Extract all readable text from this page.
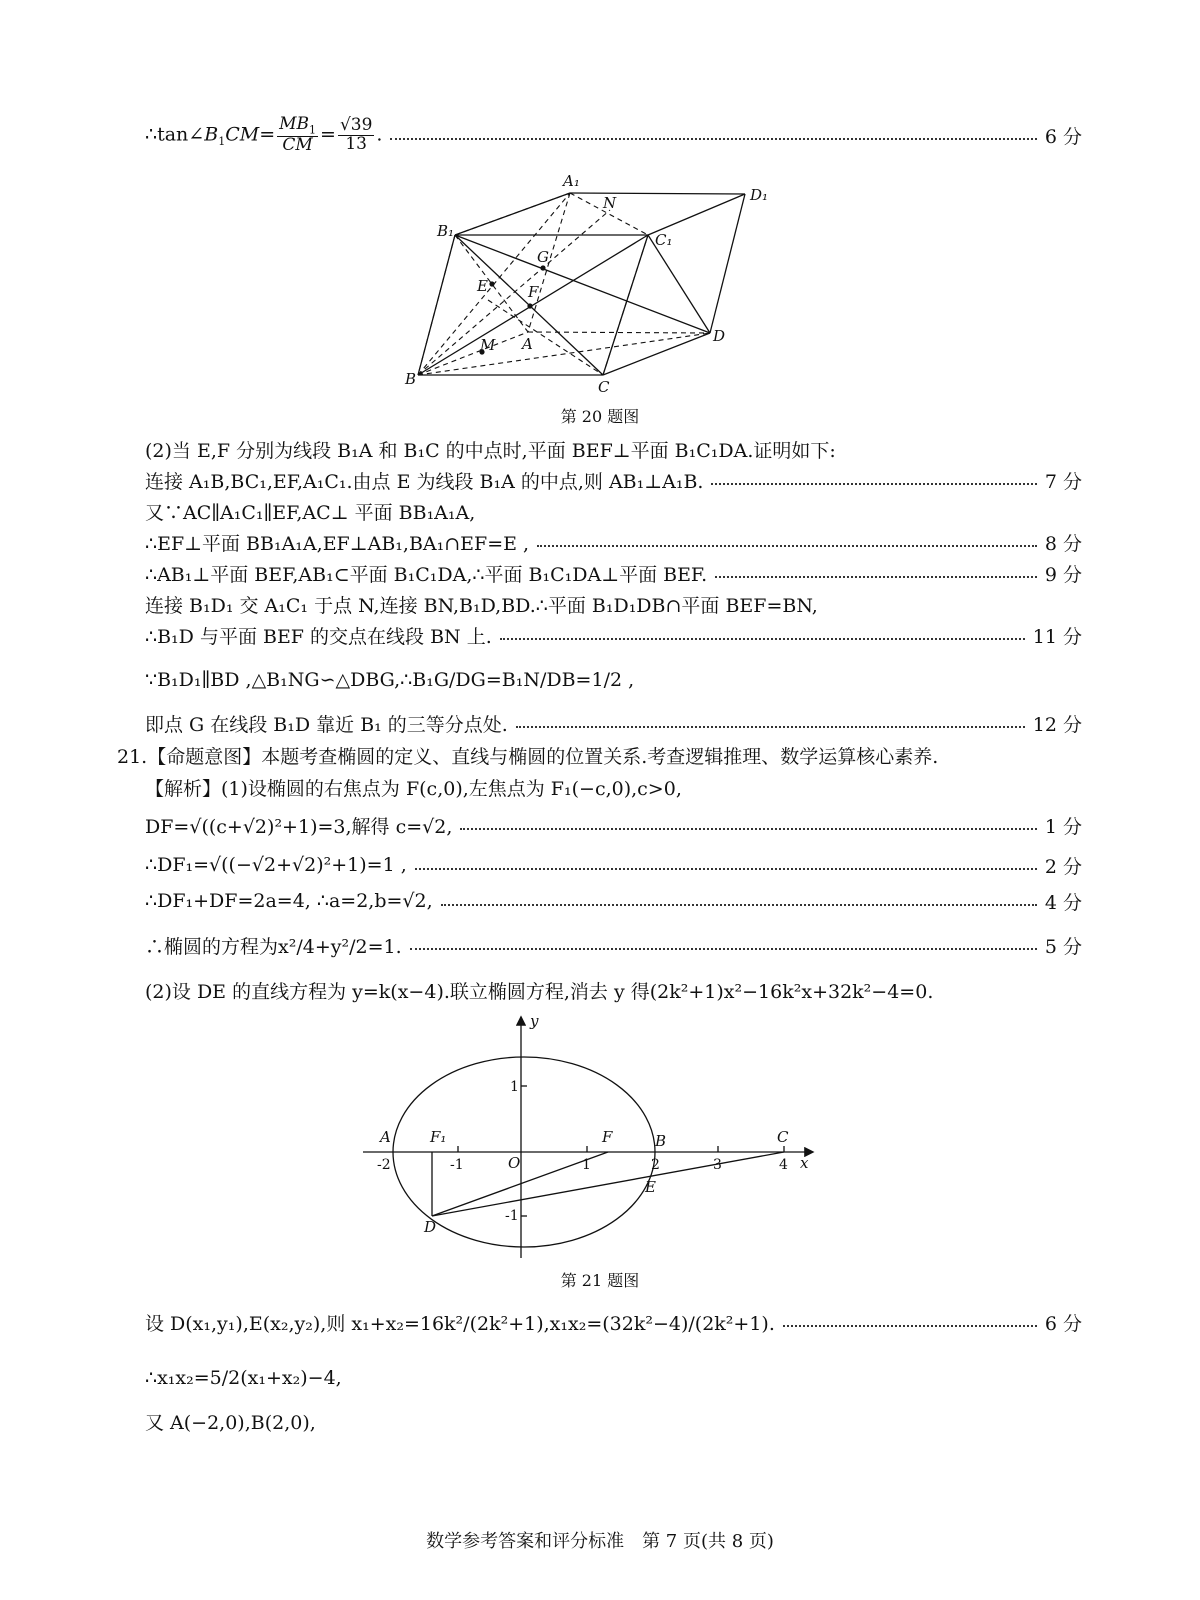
$\therefore\tan\angle B_1CM= \frac{MB_1}{CM} = \frac{√39}{13}$ .	6 分
A₁
D₁
N
B₁	C₁
G
E	F
D
M A
B	C
第 20 题图
(2)当 E,F 分别为线段 B₁A 和 B₁C 的中点时,平面 BEF⊥平面 B₁C₁DA.证明如下:
连接 A₁B,BC₁,EF,A₁C₁.由点 E 为线段 B₁A 的中点,则 AB₁⊥A₁B.	7 分
又∵AC∥A₁C₁∥EF,AC⊥ 平面 BB₁A₁A,
∴EF⊥平面 BB₁A₁A,EF⊥AB₁,BA₁∩EF=E ,	8 分
∴AB₁⊥平面 BEF,AB₁⊂平面 B₁C₁DA,∴平面 B₁C₁DA⊥平面 BEF.	9 分
连接 B₁D₁ 交 A₁C₁ 于点 N,连接 BN,B₁D,BD.∴平面 B₁D₁DB∩平面 BEF=BN,
∴B₁D 与平面 BEF 的交点在线段 BN 上.	11 分
∵B₁D₁∥BD ,△B₁NG∽△DBG,∴B₁G/DG=B₁N/DB=1/2 ,
即点 G 在线段 B₁D 靠近 B₁ 的三等分点处.	12 分
21.【命题意图】本题考查椭圆的定义、直线与椭圆的位置关系.考查逻辑推理、数学运算核心素养.
【解析】(1)设椭圆的右焦点为 F(c,0),左焦点为 F₁(−c,0),c>0,
DF=√((c+√2)²+1)=3,解得 c=√2,	1 分
∴DF₁=√((−√2+√2)²+1)=1 ,	2 分
∴DF₁+DF=2a=4, ∴a=2,b=√2,	4 分
∴椭圆的方程为x²/4+y²/2=1.	5 分
(2)设 DE 的直线方程为 y=k(x−4).联立椭圆方程,消去 y 得(2k²+1)x²−16k²x+32k²−4=0.
y
x
A	F₁
O
F	B	C
D
E
-2	-1	1	2	3	4
1
-1
第 21 题图
设 D(x₁,y₁),E(x₂,y₂),则 x₁+x₂=16k²/(2k²+1),x₁x₂=(32k²−4)/(2k²+1).	6 分
∴x₁x₂=5/2(x₁+x₂)−4,
又 A(−2,0),B(2,0),
数学参考答案和评分标准　第 7 页(共 8 页)
